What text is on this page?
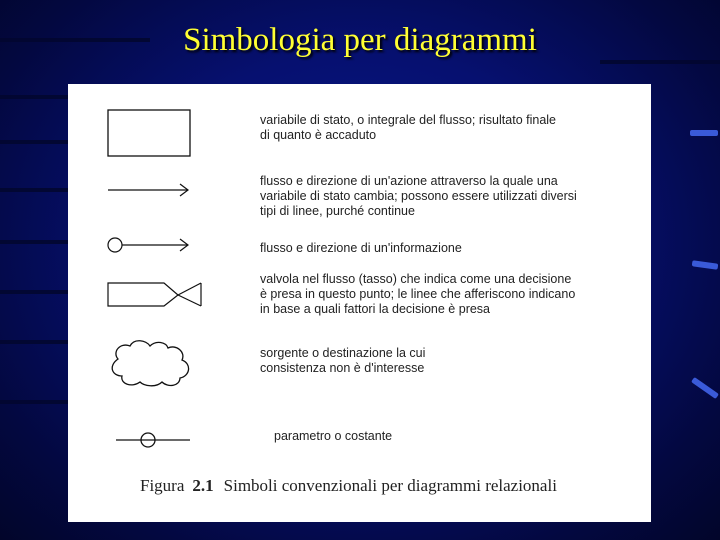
Simbologia per diagrammi
variabile di stato, o integrale del flusso; risultato finale
di quanto è accaduto
flusso e direzione di un'azione attraverso la quale una
variabile di stato cambia; possono essere utilizzati diversi
tipi di linee, purché continue
flusso e direzione di un'informazione
valvola nel flusso (tasso) che indica come una decisione
è presa in questo punto; le linee che afferiscono indicano
in base a quali fattori la decisione è presa
sorgente o destinazione la cui
consistenza non è d'interesse
parametro o costante
Figura 2.1 Simboli convenzionali per diagrammi relazionali
